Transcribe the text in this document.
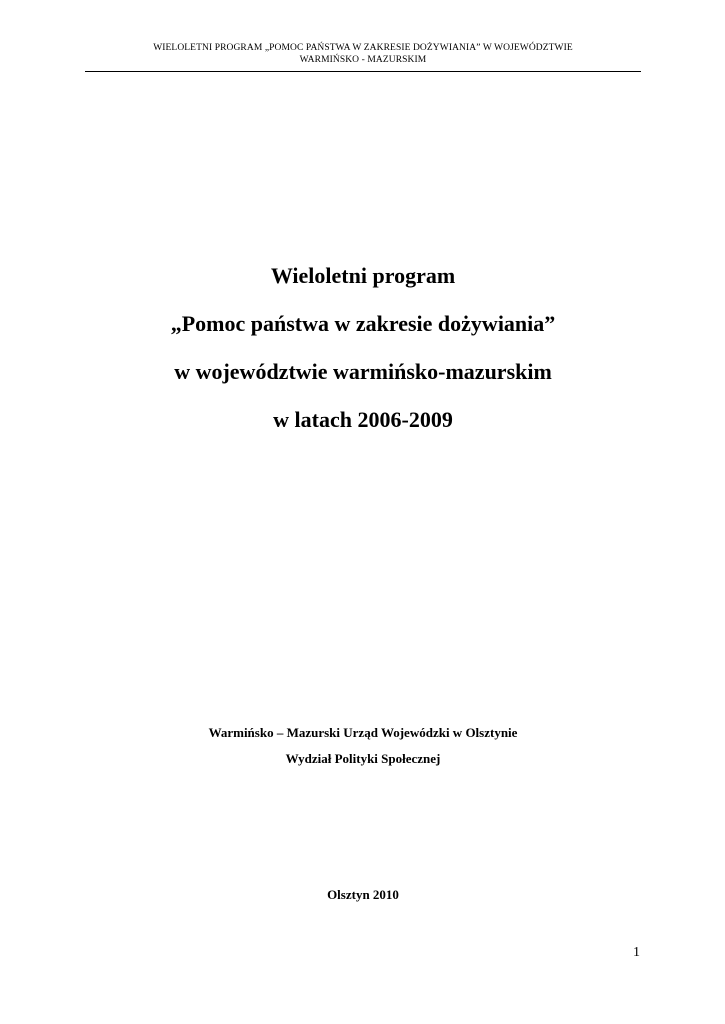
WIELOLETNI PROGRAM „POMOC PAŃSTWA W ZAKRESIE DOŻYWIANIA” W WOJEWÓDZTWIE
WARMIŃSKO - MAZURSKIM
Wieloletni program
„Pomoc państwa w zakresie dożywiania”
w województwie warmińsko-mazurskim
w latach 2006-2009
Warmińsko – Mazurski Urząd Wojewódzki w Olsztynie
Wydział Polityki Społecznej
Olsztyn 2010
1
